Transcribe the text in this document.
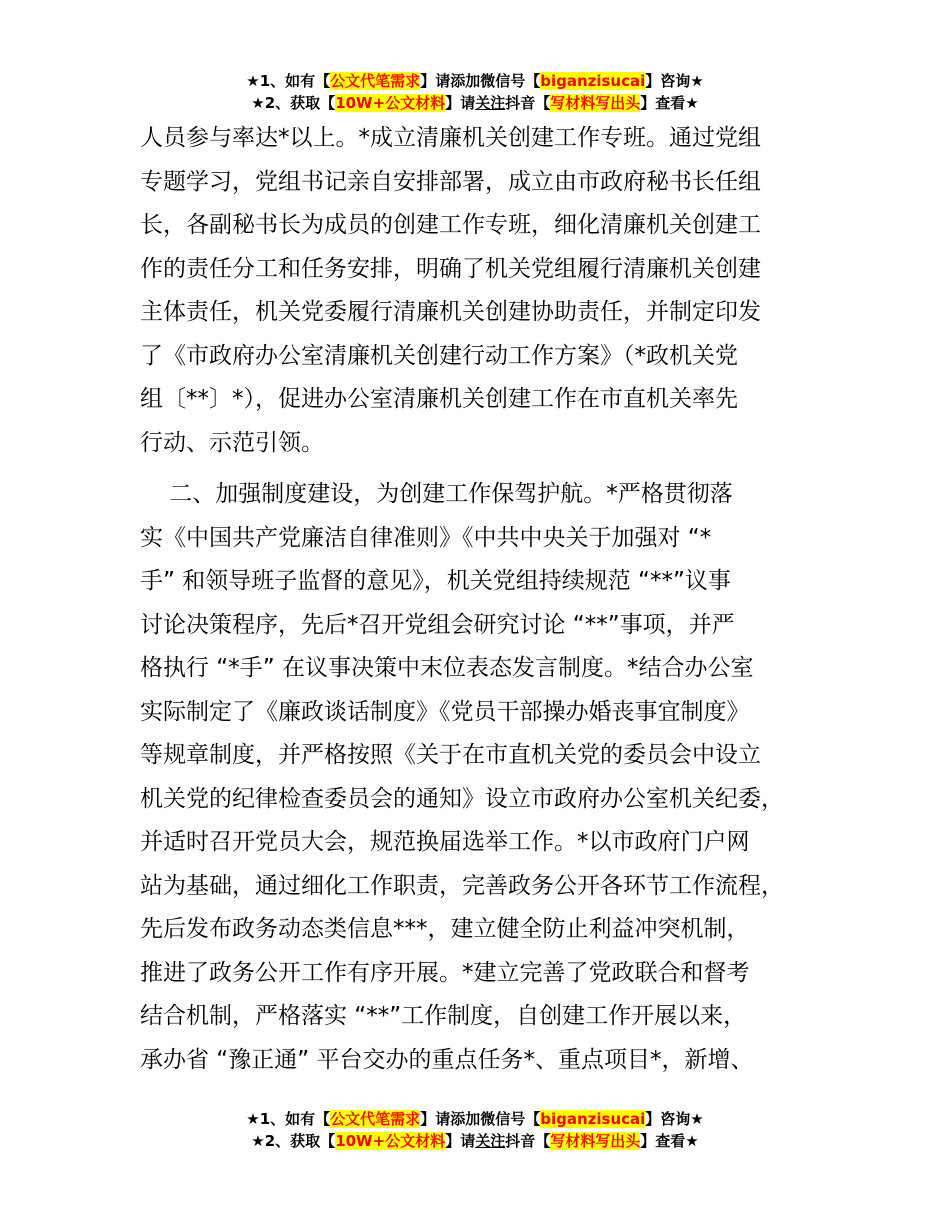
★1、如有【公文代笔需求】请添加微信号【biganzisucai】咨询★
★2、获取【10W+公文材料】请关注抖音【写材料写出头】查看★
人员参与率达*以上。*成立清廉机关创建工作专班。通过党组
专题学习，党组书记亲自安排部署，成立由市政府秘书长任组
长，各副秘书长为成员的创建工作专班，细化清廉机关创建工
作的责任分工和任务安排，明确了机关党组履行清廉机关创建
主体责任，机关党委履行清廉机关创建协助责任，并制定印发
了《市政府办公室清廉机关创建行动工作方案》（*政机关党
组〔**〕*），促进办公室清廉机关创建工作在市直机关率先
行动、示范引领。
二、加强制度建设，为创建工作保驾护航。*严格贯彻落
实《中国共产党廉洁自律准则》《中共中央关于加强对 “*
手” 和领导班子监督的意见》，机关党组持续规范 “**”议事
讨论决策程序，先后*召开党组会研究讨论 “**”事项，并严
格执行 “*手” 在议事决策中末位表态发言制度。*结合办公室
实际制定了《廉政谈话制度》《党员干部操办婚丧事宜制度》
等规章制度，并严格按照《关于在市直机关党的委员会中设立
机关党的纪律检查委员会的通知》设立市政府办公室机关纪委，
并适时召开党员大会，规范换届选举工作。*以市政府门户网
站为基础，通过细化工作职责，完善政务公开各环节工作流程，
先后发布政务动态类信息***，建立健全防止利益冲突机制，
推进了政务公开工作有序开展。*建立完善了党政联合和督考
结合机制，严格落实 “**”工作制度，自创建工作开展以来，
承办省 “豫正通” 平台交办的重点任务*、重点项目*，新增、
★1、如有【公文代笔需求】请添加微信号【biganzisucai】咨询★
★2、获取【10W+公文材料】请关注抖音【写材料写出头】查看★
